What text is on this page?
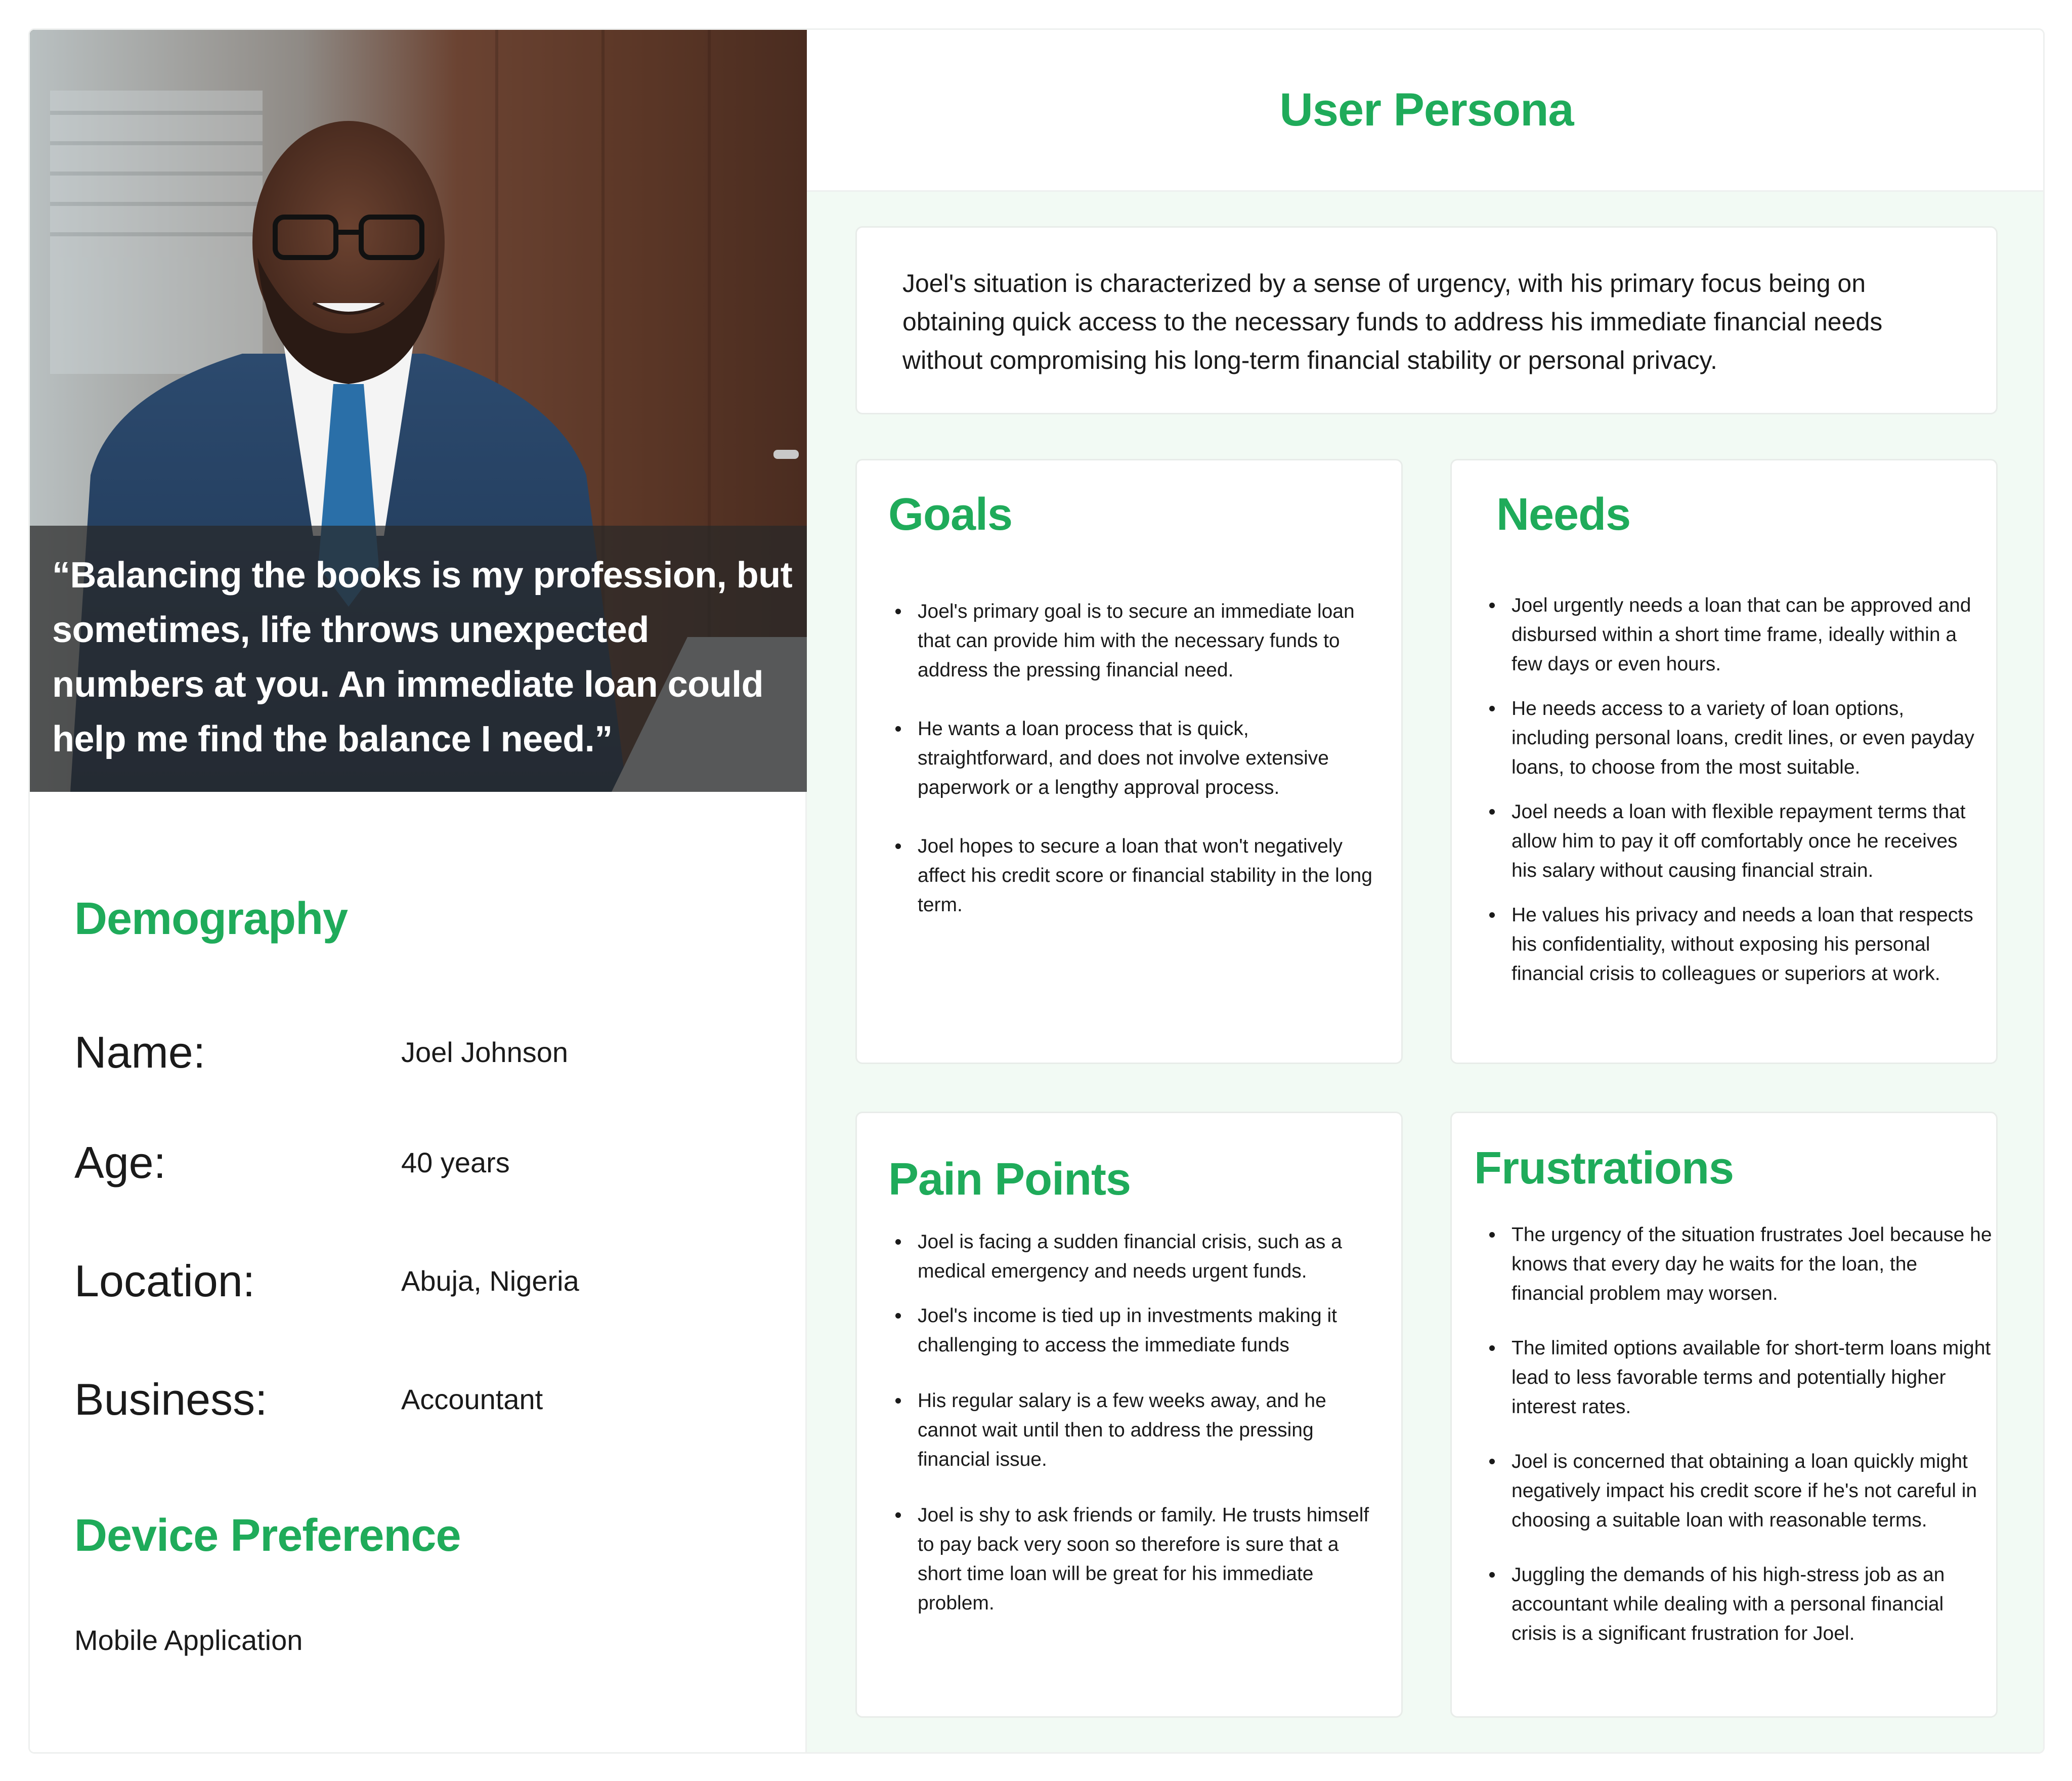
“Balancing the books is my profession, but sometimes, life throws unexpected numbers at you. An immediate loan could help me find the balance I need.”

Demography
Name:	Joel Johnson
Age:	40 years
Location:	Abuja, Nigeria
Business:	Accountant
Device Preference
Mobile Application
User Persona

Joel's situation is characterized by a sense of urgency, with his primary focus being on obtaining quick access to the necessary funds to address his immediate financial needs without compromising his long-term financial stability or personal privacy.

Goals
Joel's primary goal is to secure an immediate loan that can provide him with the necessary funds to address the pressing financial need.
He wants a loan process that is quick, straightforward, and does not involve extensive paperwork or a lengthy approval process.
Joel hopes to secure a loan that won't negatively affect his credit score or financial stability in the long term.
Needs
Joel urgently needs a loan that can be approved and disbursed within a short time frame, ideally within a few days or even hours.
He needs access to a variety of loan options, including personal loans, credit lines, or even payday loans, to choose from the most suitable.
Joel needs a loan with flexible repayment terms that allow him to pay it off comfortably once he receives his salary without causing financial strain.
He values his privacy and needs a loan that respects his confidentiality, without exposing his personal financial crisis to colleagues or superiors at work.
Pain Points
Joel is facing a sudden financial crisis, such as a medical emergency and needs urgent funds.
Joel's income is tied up in investments making it challenging to access the immediate funds
His regular salary is a few weeks away, and he cannot wait until then to address the pressing financial issue.
Joel is shy to ask friends or family. He trusts himself to pay back very soon so therefore is sure that a short time loan will be great for his immediate problem.
Frustrations
The urgency of the situation frustrates Joel because he knows that every day he waits for the loan, the financial problem may worsen.
The limited options available for short-term loans might lead to less favorable terms and potentially higher interest rates.
Joel is concerned that obtaining a loan quickly might negatively impact his credit score if he's not careful in choosing a suitable loan with reasonable terms.
Juggling the demands of his high-stress job as an accountant while dealing with a personal financial crisis is a significant frustration for Joel.
